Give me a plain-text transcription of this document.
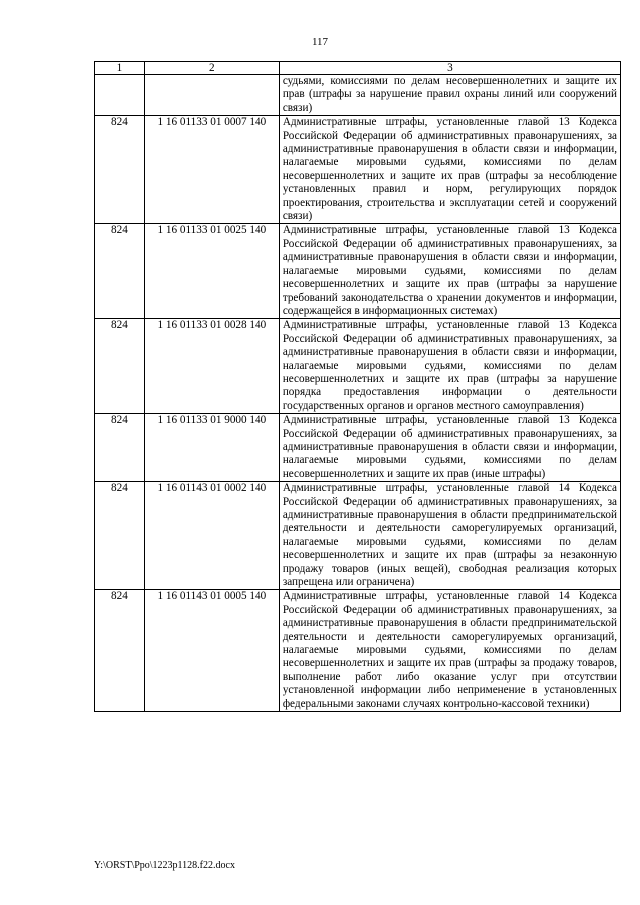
117
1	2	3
		судьями, комиссиями по делам несовершеннолетних и защите их прав (штрафы за нарушение правил охраны линий или сооружений связи)
824	1 16 01133 01 0007 140	Административные штрафы, установленные главой 13 Кодекса Российской Федерации об административных правонарушениях, за административные правонарушения в области связи и информации, налагаемые мировыми судьями, комиссиями по делам несовершеннолетних и защите их прав (штрафы за несоблюдение установленных правил и норм, регулирующих порядок проектирования, строительства и эксплуатации сетей и сооружений связи)
824	1 16 01133 01 0025 140	Административные штрафы, установленные главой 13 Кодекса Российской Федерации об административных правонарушениях, за административные правонарушения в области связи и информации, налагаемые мировыми судьями, комиссиями по делам несовершеннолетних и защите их прав (штрафы за нарушение требований законодательства о хранении документов и информации, содержащейся в информационных системах)
824	1 16 01133 01 0028 140	Административные штрафы, установленные главой 13 Кодекса Российской Федерации об административных правонарушениях, за административные правонарушения в области связи и информации, налагаемые мировыми судьями, комиссиями по делам несовершеннолетних и защите их прав (штрафы за нарушение порядка предоставления информации о деятельности государственных органов и органов местного самоуправления)
824	1 16 01133 01 9000 140	Административные штрафы, установленные главой 13 Кодекса Российской Федерации об административных правонарушениях, за административные правонарушения в области связи и информации, налагаемые мировыми судьями, комиссиями по делам несовершеннолетних и защите их прав (иные штрафы)
824	1 16 01143 01 0002 140	Административные штрафы, установленные главой 14 Кодекса Российской Федерации об административных правонарушениях, за административные правонарушения в области предпринимательской деятельности и деятельности саморегулируемых организаций, налагаемые мировыми судьями, комиссиями по делам несовершеннолетних и защите их прав (штрафы за незаконную продажу товаров (иных вещей), свободная реализация которых запрещена или ограничена)
824	1 16 01143 01 0005 140	Административные штрафы, установленные главой 14 Кодекса Российской Федерации об административных правонарушениях, за административные правонарушения в области предпринимательской деятельности и деятельности саморегулируемых организаций, налагаемые мировыми судьями, комиссиями по делам несовершеннолетних и защите их прав (штрафы за продажу товаров, выполнение работ либо оказание услуг при отсутствии установленной информации либо неприменение в установленных федеральными законами случаях контрольно-кассовой техники)
Y:\ORST\Ppo\1223p1128.f22.docx
